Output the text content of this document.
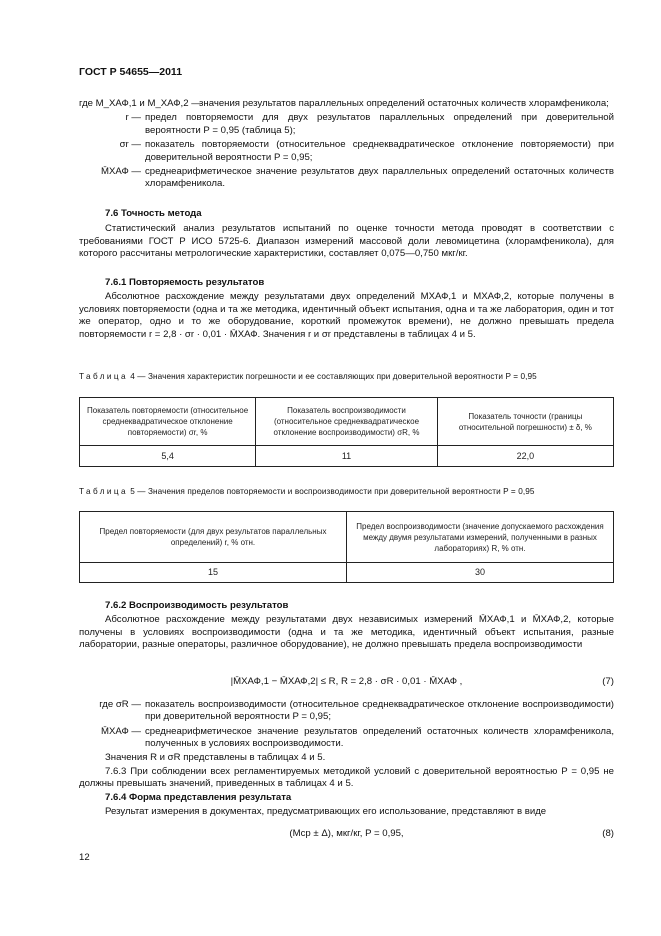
ГОСТ Р 54655—2011
где M_ХАФ,1 и M_ХАФ,2 —
значения результатов параллельных определений остаточных количеств хлорамфеникола;
r — предел повторяемости для двух результатов параллельных определений при доверительной вероятности P = 0,95 (таблица 5);
σr — показатель повторяемости (относительное среднеквадратическое отклонение повторяемости) при доверительной вероятности P = 0,95;
M̄ХАФ — среднеарифметическое значение результатов двух параллельных определений остаточных количеств хлорамфеникола.
7.6 Точность метода
Статистический анализ результатов испытаний по оценке точности метода проводят в соответствии с требованиями ГОСТ Р ИСО 5725-6. Диапазон измерений массовой доли левомицетина (хлорамфеникола), для которого рассчитаны метрологические характеристики, составляет 0,075—0,750 мкг/кг.
7.6.1 Повторяемость результатов
Абсолютное расхождение между результатами двух определений MХАФ,1 и MХАФ,2, которые получены в условиях повторяемости (одна и та же методика, идентичный объект испытания, одна и та же лаборатория, один и тот же оператор, одно и то же оборудование, короткий промежуток времени), не должно превышать предела повторяемости r = 2,8 · σr · 0,01 · M̄ХАФ. Значения r и σr представлены в таблицах 4 и 5.
Таблица 4 — Значения характеристик погрешности и ее составляющих при доверительной вероятности P = 0,95
Показатель повторяемости (относительное среднеквадратическое отклонение повторяемости) σr, %	Показатель воспроизводимости (относительное среднеквадратическое отклонение воспроизводимости) σR, %	Показатель точности (границы относительной погрешности) ± δ, %
5,4	11	22,0
Таблица 5 — Значения пределов повторяемости и воспроизводимости при доверительной вероятности P = 0,95
Предел повторяемости (для двух результатов параллельных определений) r, % отн.	Предел воспроизводимости (значение допускаемого расхождения между двумя результатами измерений, полученными в разных лабораториях) R, % отн.
15	30
7.6.2 Воспроизводимость результатов
Абсолютное расхождение между результатами двух независимых измерений M̄ХАФ,1 и M̄ХАФ,2, которые получены в условиях воспроизводимости (одна и та же методика, идентичный объект испытания, разные лаборатории, разные операторы, различное оборудование), не должно превышать предела воспроизводимости
|M̄ХАФ,1 − M̄ХАФ,2| ≤ R, R = 2,8 · σR · 0,01 · M̄ХАФ ,	(7)
где σR — показатель воспроизводимости (относительное среднеквадратическое отклонение воспроизводимости) при доверительной вероятности P = 0,95;
M̄ХАФ — среднеарифметическое значение результатов определений остаточных количеств хлорамфеникола, полученных в условиях воспроизводимости.
Значения R и σR представлены в таблицах 4 и 5.
7.6.3 При соблюдении всех регламентируемых методикой условий с доверительной вероятностью P = 0,95 не должны превышать значений, приведенных в таблицах 4 и 5.
7.6.4 Форма представления результата
Результат измерения в документах, предусматривающих его использование, представляют в виде
(Mср ± Δ), мкг/кг, P = 0,95,	(8)
12
